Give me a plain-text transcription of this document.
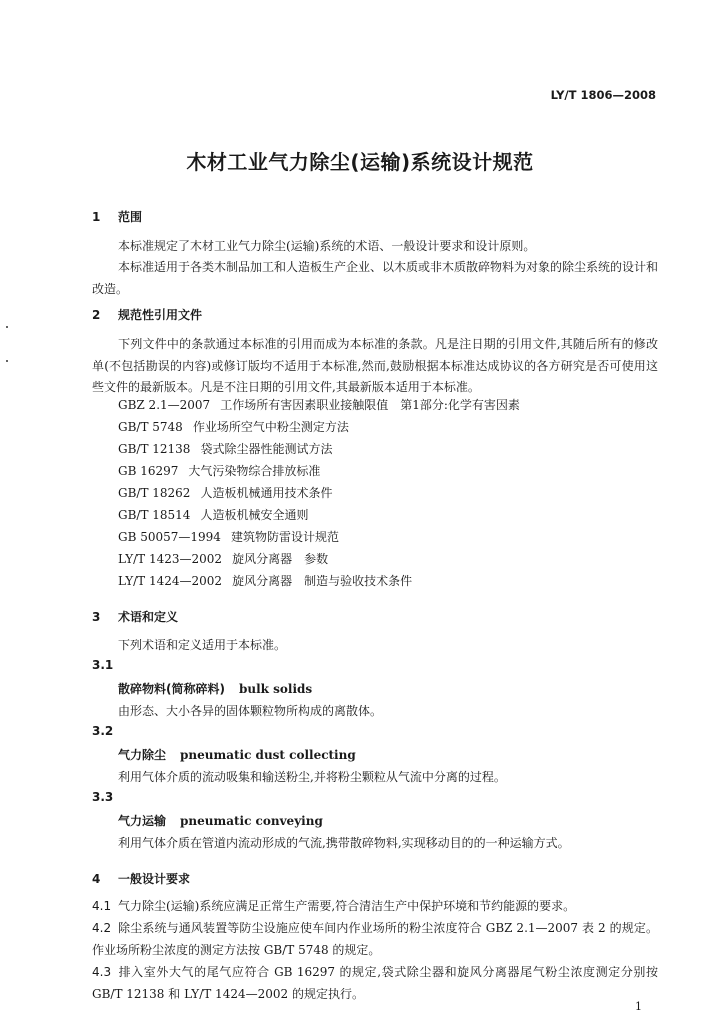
LY/T 1806—2008
木材工业气力除尘(运输)系统设计规范
1 范围
本标准规定了木材工业气力除尘(运输)系统的术语、一般设计要求和设计原则。
本标准适用于各类木制品加工和人造板生产企业、以木质或非木质散碎物料为对象的除尘系统的设计和改造。
2 规范性引用文件
下列文件中的条款通过本标准的引用而成为本标准的条款。凡是注日期的引用文件,其随后所有的修改单(不包括勘误的内容)或修订版均不适用于本标准,然而,鼓励根据本标准达成协议的各方研究是否可使用这些文件的最新版本。凡是不注日期的引用文件,其最新版本适用于本标准。
GBZ 2.1—2007 工作场所有害因素职业接触限值　第1部分:化学有害因素
GB/T 5748 作业场所空气中粉尘测定方法
GB/T 12138 袋式除尘器性能测试方法
GB 16297 大气污染物综合排放标准
GB/T 18262 人造板机械通用技术条件
GB/T 18514 人造板机械安全通则
GB 50057—1994 建筑物防雷设计规范
LY/T 1423—2002 旋风分离器　参数
LY/T 1424—2002 旋风分离器　制造与验收技术条件
3 术语和定义
下列术语和定义适用于本标准。
3.1
散碎物料(简称碎料) bulk solids
由形态、大小各异的固体颗粒物所构成的离散体。
3.2
气力除尘 pneumatic dust collecting
利用气体介质的流动吸集和输送粉尘,并将粉尘颗粒从气流中分离的过程。
3.3
气力运输 pneumatic conveying
利用气体介质在管道内流动形成的气流,携带散碎物料,实现移动目的的一种运输方式。
4 一般设计要求
4.1 气力除尘(运输)系统应满足正常生产需要,符合清洁生产中保护环境和节约能源的要求。
4.2 除尘系统与通风装置等防尘设施应使车间内作业场所的粉尘浓度符合 GBZ 2.1—2007 表 2 的规定。作业场所粉尘浓度的测定方法按 GB/T 5748 的规定。
4.3 排入室外大气的尾气应符合 GB 16297 的规定,袋式除尘器和旋风分离器尾气粉尘浓度测定分别按 GB/T 12138 和 LY/T 1424—2002 的规定执行。
1
